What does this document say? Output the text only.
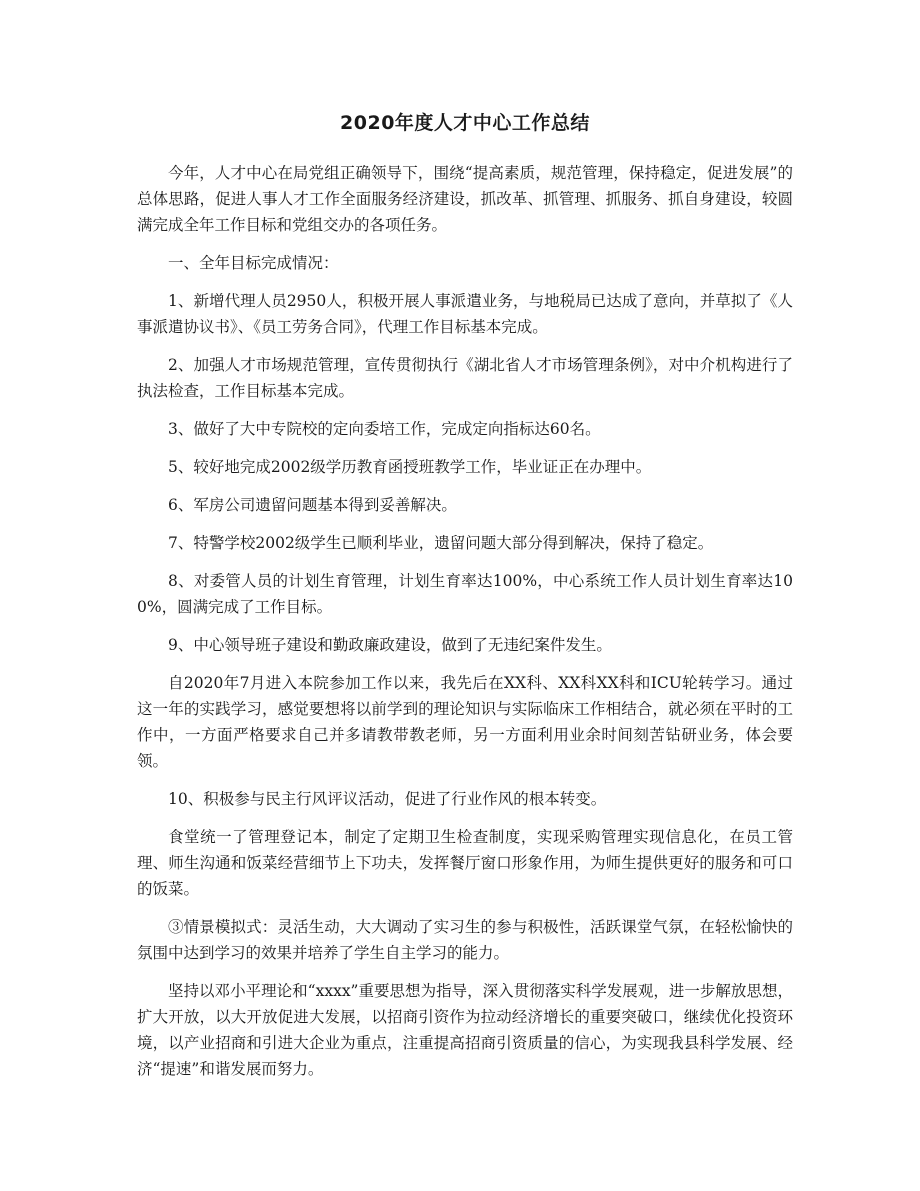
2020年度人才中心工作总结

今年，人才中心在局党组正确领导下，围绕“提高素质，规范管理，保持稳定，促进发展”的总体思路，促进人事人才工作全面服务经济建设，抓改革、抓管理、抓服务、抓自身建设，较圆满完成全年工作目标和党组交办的各项任务。

一、全年目标完成情况：

1、新增代理人员2950人，积极开展人事派遣业务，与地税局已达成了意向，并草拟了《人事派遣协议书》、《员工劳务合同》，代理工作目标基本完成。

2、加强人才市场规范管理，宣传贯彻执行《湖北省人才市场管理条例》，对中介机构进行了执法检查，工作目标基本完成。

3、做好了大中专院校的定向委培工作，完成定向指标达60名。

5、较好地完成2002级学历教育函授班教学工作，毕业证正在办理中。

6、军房公司遗留问题基本得到妥善解决。

7、特警学校2002级学生已顺利毕业，遗留问题大部分得到解决，保持了稳定。

8、对委管人员的计划生育管理，计划生育率达100%，中心系统工作人员计划生育率达100%，圆满完成了工作目标。

9、中心领导班子建设和勤政廉政建设，做到了无违纪案件发生。

自2020年7月进入本院参加工作以来，我先后在XX科、XX科XX科和ICU轮转学习。通过这一年的实践学习，感觉要想将以前学到的理论知识与实际临床工作相结合，就必须在平时的工作中，一方面严格要求自己并多请教带教老师，另一方面利用业余时间刻苦钻研业务，体会要领。

10、积极参与民主行风评议活动，促进了行业作风的根本转变。

食堂统一了管理登记本，制定了定期卫生检查制度，实现采购管理实现信息化，在员工管理、师生沟通和饭菜经营细节上下功夫，发挥餐厅窗口形象作用，为师生提供更好的服务和可口的饭菜。

③情景模拟式：灵活生动，大大调动了实习生的参与积极性，活跃课堂气氛，在轻松愉快的氛围中达到学习的效果并培养了学生自主学习的能力。

坚持以邓小平理论和“xxxx”重要思想为指导，深入贯彻落实科学发展观，进一步解放思想，扩大开放，以大开放促进大发展，以招商引资作为拉动经济增长的重要突破口，继续优化投资环境，以产业招商和引进大企业为重点，注重提高招商引资质量的信心，为实现我县科学发展、经济“提速”和谐发展而努力。
